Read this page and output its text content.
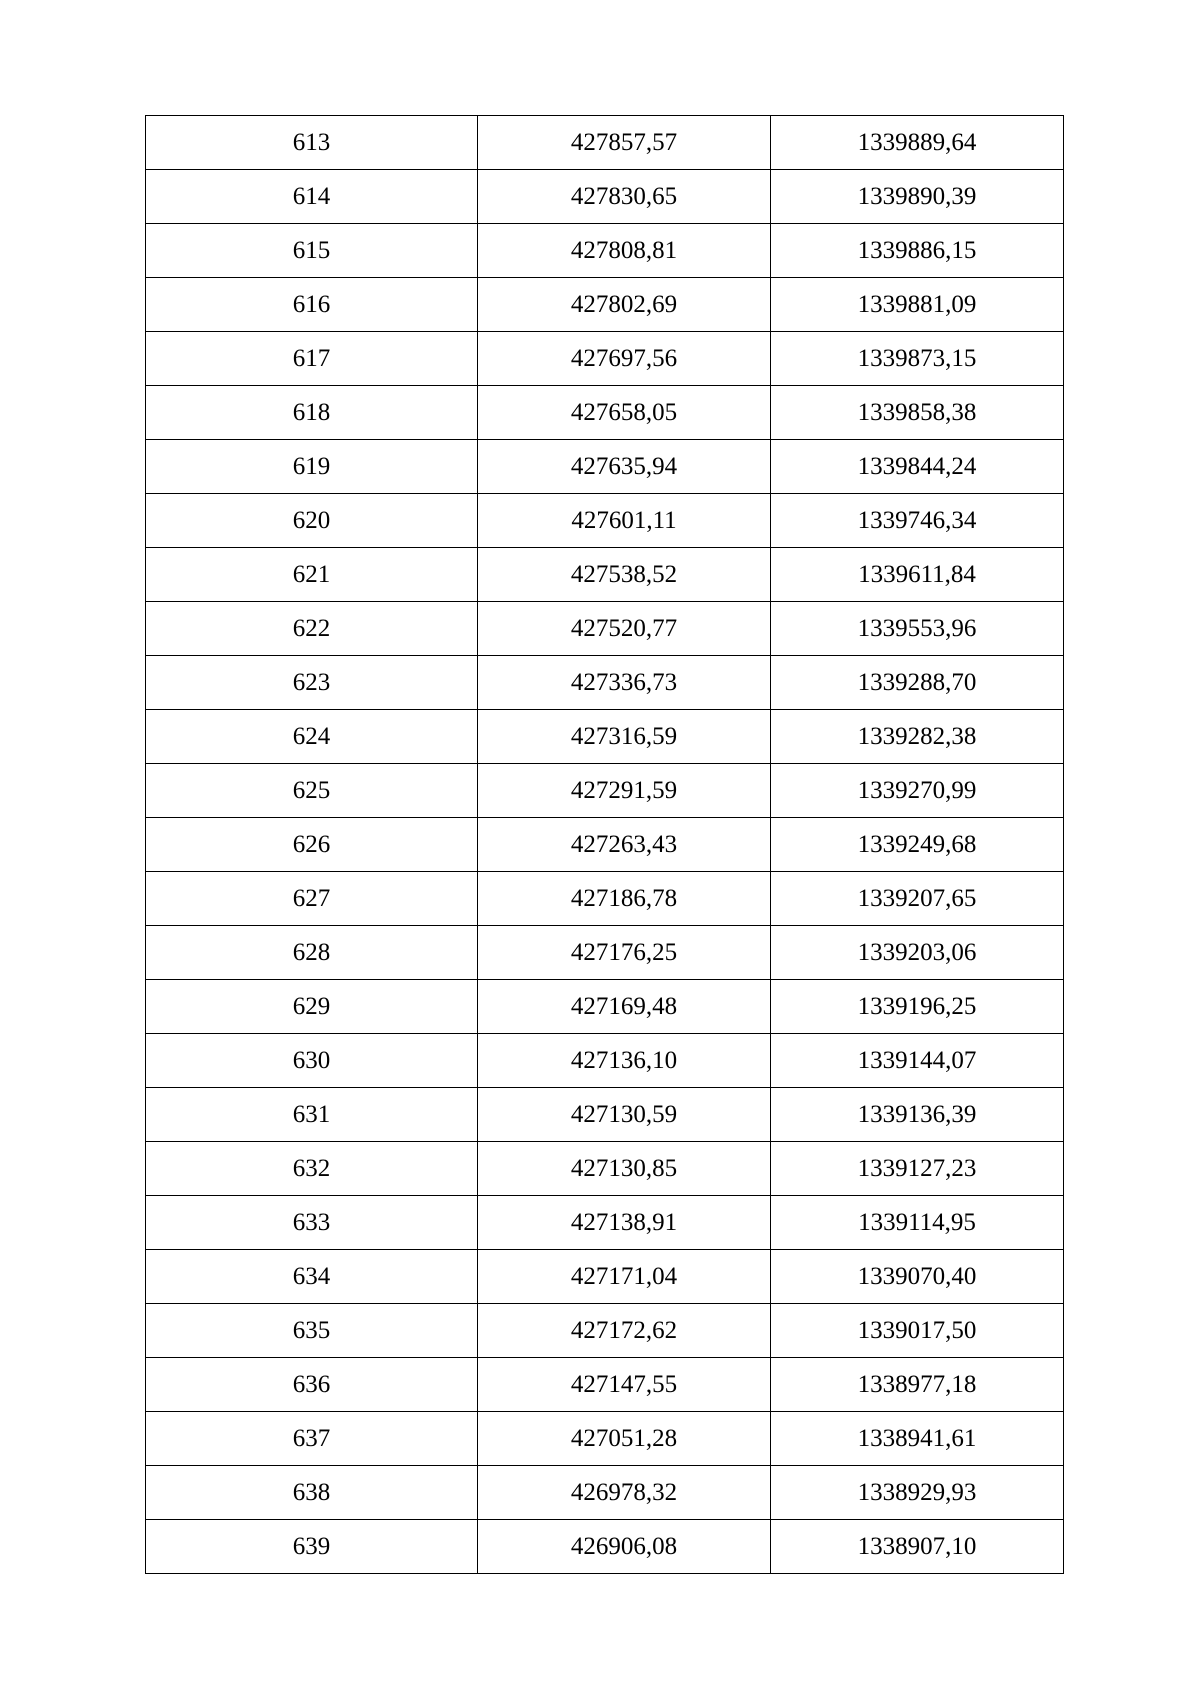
613	427857,57	1339889,64
614	427830,65	1339890,39
615	427808,81	1339886,15
616	427802,69	1339881,09
617	427697,56	1339873,15
618	427658,05	1339858,38
619	427635,94	1339844,24
620	427601,11	1339746,34
621	427538,52	1339611,84
622	427520,77	1339553,96
623	427336,73	1339288,70
624	427316,59	1339282,38
625	427291,59	1339270,99
626	427263,43	1339249,68
627	427186,78	1339207,65
628	427176,25	1339203,06
629	427169,48	1339196,25
630	427136,10	1339144,07
631	427130,59	1339136,39
632	427130,85	1339127,23
633	427138,91	1339114,95
634	427171,04	1339070,40
635	427172,62	1339017,50
636	427147,55	1338977,18
637	427051,28	1338941,61
638	426978,32	1338929,93
639	426906,08	1338907,10
